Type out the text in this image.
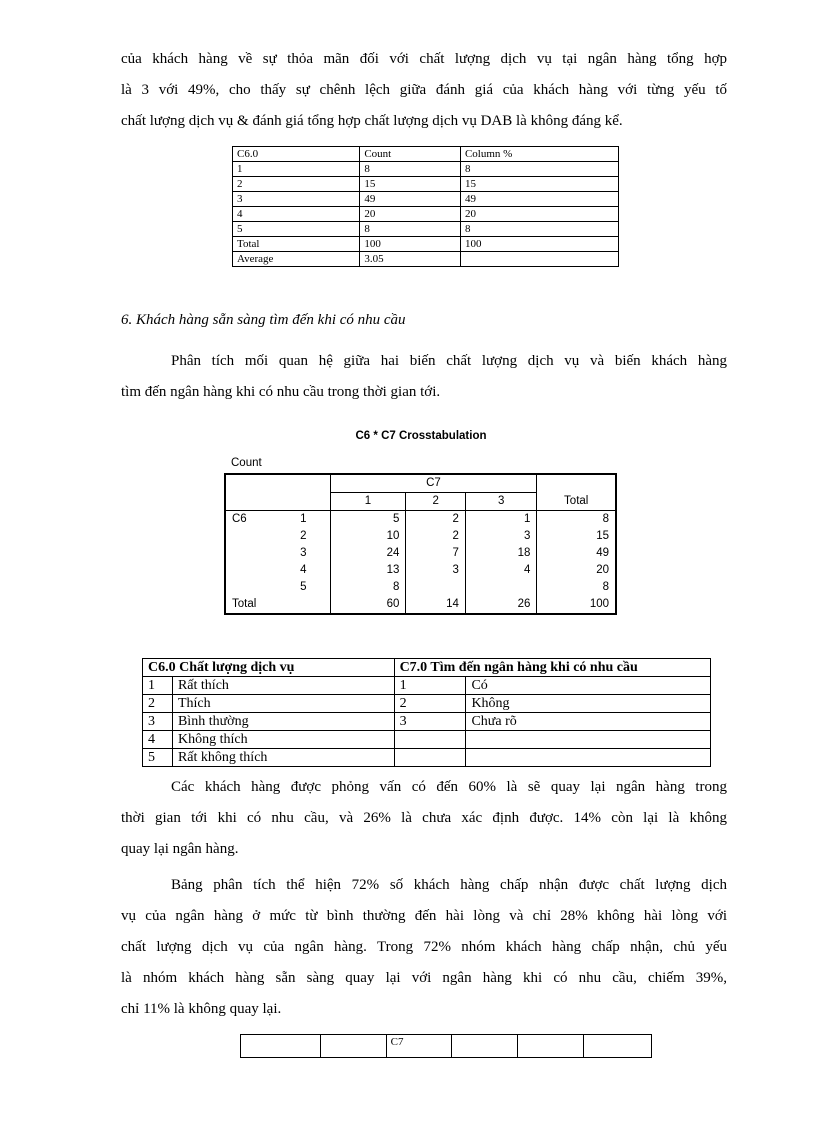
của khách hàng về sự thỏa mãn đối với chất lượng dịch vụ tại ngân hàng tổng hợp
là 3 với 49%, cho thấy sự chênh lệch giữa đánh giá của khách hàng với từng yếu tố
chất lượng dịch vụ & đánh giá tổng hợp chất lượng dịch vụ DAB là không đáng kể.
C6.0	Count	Column %
1	8	8
2	15	15
3	49	49
4	20	20
5	8	8
Total	100	100
Average	3.05	
6. Khách hàng sẵn sàng tìm đến khi có nhu cầu
Phân tích mối quan hệ giữa hai biến chất lượng dịch vụ và biến khách hàng
tìm đến ngân hàng khi có nhu cầu trong thời gian tới.
C6 * C7 Crosstabulation
Count
		C7			Total
		1	2	3	
C6	1	5	2	1	8
	2	10	2	3	15
	3	24	7	18	49
	4	13	3	4	20
	5	8			8
Total		60	14	26	100
C6.0 Chất lượng dịch vụ		C7.0 Tìm đến ngân hàng khi có nhu cầu	
1	Rất thích	1	Có
2	Thích	2	Không
3	Bình thường	3	Chưa rõ
4	Không thích		
5	Rất không thích		
Các khách hàng được phỏng vấn có đến 60% là sẽ quay lại ngân hàng trong
thời gian tới khi có nhu cầu, và 26% là chưa xác định được. 14% còn lại là không
quay lại ngân hàng.
Bảng phân tích thể hiện 72% số khách hàng chấp nhận được chất lượng dịch
vụ của ngân hàng ở mức từ bình thường đến hài lòng và chỉ 28% không hài lòng với
chất lượng dịch vụ của ngân hàng. Trong 72% nhóm khách hàng chấp nhận, chủ yếu
là nhóm khách hàng sẵn sàng quay lại với ngân hàng khi có nhu cầu, chiếm 39%,
chỉ 11% là không quay lại.
		C7			
